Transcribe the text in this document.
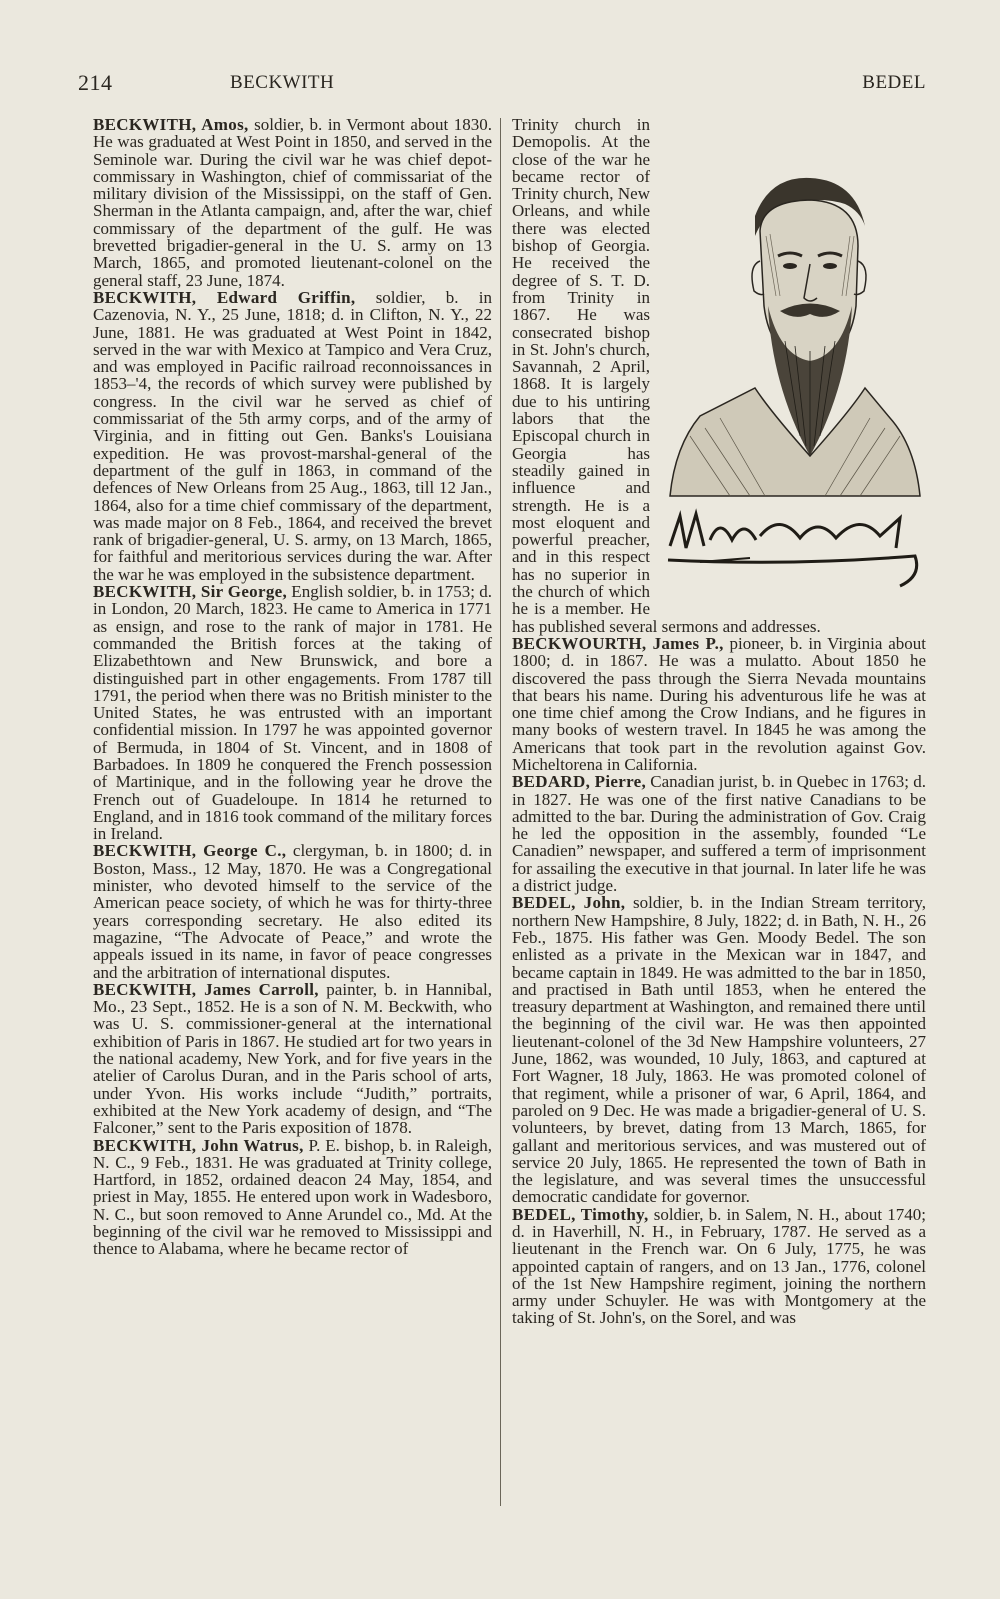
214	BECKWITH	BEDEL

BECKWITH, Amos, soldier, b. in Vermont about 1830. He was graduated at West Point in 1850, and served in the Seminole war. During the civil war he was chief depot-commissary in Washington, chief of commissariat of the military division of the Mississippi, on the staff of Gen. Sherman in the Atlanta campaign, and, after the war, chief commissary of the department of the gulf. He was brevetted brigadier-general in the U. S. army on 13 March, 1865, and promoted lieutenant-colonel on the general staff, 23 June, 1874.

BECKWITH, Edward Griffin, soldier, b. in Cazenovia, N. Y., 25 June, 1818; d. in Clifton, N. Y., 22 June, 1881. He was graduated at West Point in 1842, served in the war with Mexico at Tampico and Vera Cruz, and was employed in Pacific railroad reconnoissances in 1853–'4, the records of which survey were published by congress. In the civil war he served as chief of commissariat of the 5th army corps, and of the army of Virginia, and in fitting out Gen. Banks's Louisiana expedition. He was provost-marshal-general of the department of the gulf in 1863, in command of the defences of New Orleans from 25 Aug., 1863, till 12 Jan., 1864, also for a time chief commissary of the department, was made major on 8 Feb., 1864, and received the brevet rank of brigadier-general, U. S. army, on 13 March, 1865, for faithful and meritorious services during the war. After the war he was employed in the subsistence department.

BECKWITH, Sir George, English soldier, b. in 1753; d. in London, 20 March, 1823. He came to America in 1771 as ensign, and rose to the rank of major in 1781. He commanded the British forces at the taking of Elizabethtown and New Brunswick, and bore a distinguished part in other engagements. From 1787 till 1791, the period when there was no British minister to the United States, he was entrusted with an important confidential mission. In 1797 he was appointed governor of Bermuda, in 1804 of St. Vincent, and in 1808 of Barbadoes. In 1809 he conquered the French possession of Martinique, and in the following year he drove the French out of Guadeloupe. In 1814 he returned to England, and in 1816 took command of the military forces in Ireland.

BECKWITH, George C., clergyman, b. in 1800; d. in Boston, Mass., 12 May, 1870. He was a Congregational minister, who devoted himself to the service of the American peace society, of which he was for thirty-three years corresponding secretary. He also edited its magazine, “The Advocate of Peace,” and wrote the appeals issued in its name, in favor of peace congresses and the arbitration of international disputes.

BECKWITH, James Carroll, painter, b. in Hannibal, Mo., 23 Sept., 1852. He is a son of N. M. Beckwith, who was U. S. commissioner-general at the international exhibition of Paris in 1867. He studied art for two years in the national academy, New York, and for five years in the atelier of Carolus Duran, and in the Paris school of arts, under Yvon. His works include “Judith,” portraits, exhibited at the New York academy of design, and “The Falconer,” sent to the Paris exposition of 1878.

BECKWITH, John Watrus, P. E. bishop, b. in Raleigh, N. C., 9 Feb., 1831. He was graduated at Trinity college, Hartford, in 1852, ordained deacon 24 May, 1854, and priest in May, 1855. He entered upon work in Wadesboro, N. C., but soon removed to Anne Arundel co., Md. At the beginning of the civil war he removed to Mississippi and thence to Alabama, where he became rector of

Trinity church in Demopolis. At the close of the war he became rector of Trinity church, New Orleans, and while there was elected bishop of Georgia. He received the degree of S. T. D. from Trinity in 1867. He was consecrated bishop in St. John's church, Savannah, 2 April, 1868. It is largely due to his untiring labors that the Episcopal church in Georgia has steadily gained in influence and strength. He is a most eloquent and powerful preacher, and in this respect has no superior in the church of which he is a member. He has published several sermons and addresses.

BECKWOURTH, James P., pioneer, b. in Virginia about 1800; d. in 1867. He was a mulatto. About 1850 he discovered the pass through the Sierra Nevada mountains that bears his name. During his adventurous life he was at one time chief among the Crow Indians, and he figures in many books of western travel. In 1845 he was among the Americans that took part in the revolution against Gov. Micheltorena in California.

BEDARD, Pierre, Canadian jurist, b. in Quebec in 1763; d. in 1827. He was one of the first native Canadians to be admitted to the bar. During the administration of Gov. Craig he led the opposition in the assembly, founded “Le Canadien” newspaper, and suffered a term of imprisonment for assailing the executive in that journal. In later life he was a district judge.

BEDEL, John, soldier, b. in the Indian Stream territory, northern New Hampshire, 8 July, 1822; d. in Bath, N. H., 26 Feb., 1875. His father was Gen. Moody Bedel. The son enlisted as a private in the Mexican war in 1847, and became captain in 1849. He was admitted to the bar in 1850, and practised in Bath until 1853, when he entered the treasury department at Washington, and remained there until the beginning of the civil war. He was then appointed lieutenant-colonel of the 3d New Hampshire volunteers, 27 June, 1862, was wounded, 10 July, 1863, and captured at Fort Wagner, 18 July, 1863. He was promoted colonel of that regiment, while a prisoner of war, 6 April, 1864, and paroled on 9 Dec. He was made a brigadier-general of U. S. volunteers, by brevet, dating from 13 March, 1865, for gallant and meritorious services, and was mustered out of service 20 July, 1865. He represented the town of Bath in the legislature, and was several times the unsuccessful democratic candidate for governor.

BEDEL, Timothy, soldier, b. in Salem, N. H., about 1740; d. in Haverhill, N. H., in February, 1787. He served as a lieutenant in the French war. On 6 July, 1775, he was appointed captain of rangers, and on 13 Jan., 1776, colonel of the 1st New Hampshire regiment, joining the northern army under Schuyler. He was with Montgomery at the taking of St. John's, on the Sorel, and was
